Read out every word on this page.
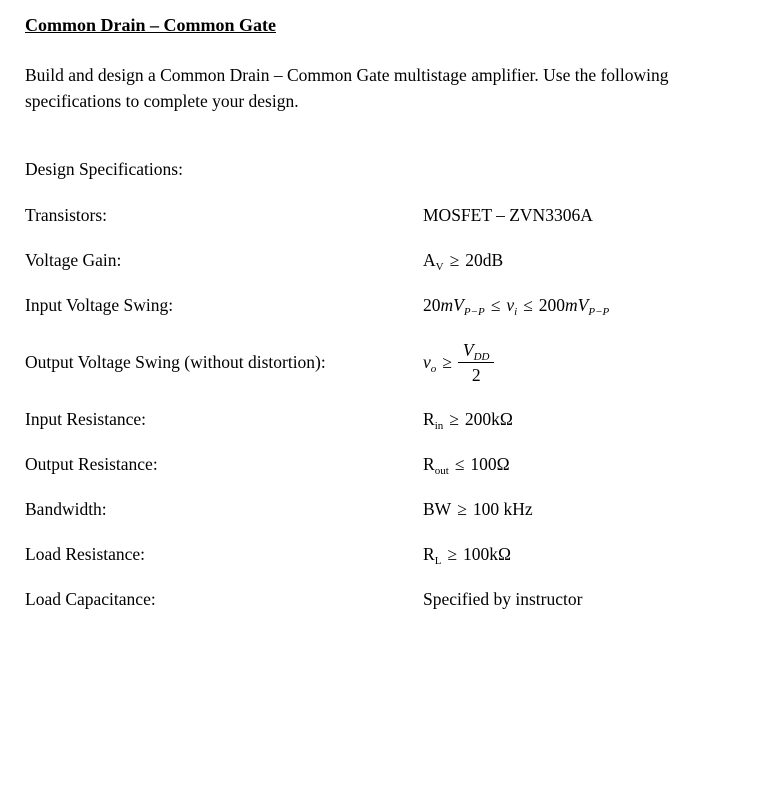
Common Drain – Common Gate

Build and design a Common Drain – Common Gate multistage amplifier. Use the following specifications to complete your design.

Design Specifications:

Transistors:	MOSFET – ZVN3306A
Voltage Gain:	$A_V \ge 20dB$
Input Voltage Swing:	$20mV_{P-P} \le v_i \le 200mV_{P-P}$
Output Voltage Swing (without distortion):	$v_o \ge \frac{V_{DD}}{2}$
Input Resistance:	$R_{in} \ge 200k\Omega$
Output Resistance:	$R_{out} \le 100\Omega$
Bandwidth:	BW ≥ 100 kHz
Load Resistance:	$R_L \ge 100k\Omega$
Load Capacitance:	Specified by instructor
